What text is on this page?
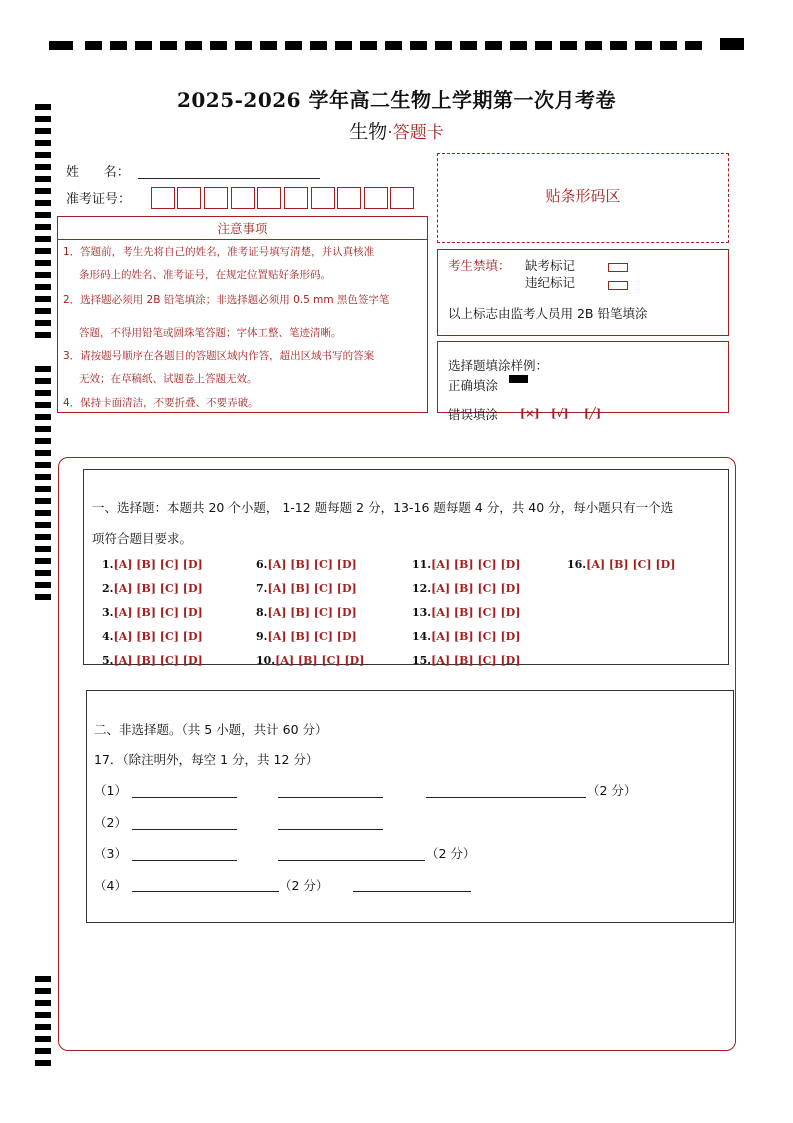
2025-2026 学年高二生物上学期第一次月考卷
生物·答题卡
姓      名：
准考证号：	贴条形码区
注意事项
1．答题前，考生先将自己的姓名，准考证号填写清楚，并认真核准
条形码上的姓名、准考证号，在规定位置贴好条形码。
2．选择题必须用 2B 铅笔填涂；非选择题必须用 0.5 mm 黑色签字笔
答题，不得用铅笔或圆珠笔答题；字体工整、笔迹清晰。
3．请按题号顺序在各题目的答题区域内作答，超出区域书写的答案
无效；在草稿纸、试题卷上答题无效。
4．保持卡面清洁，不要折叠、不要弄破。
考生禁填： 缺考标记
违纪标记
以上标志由监考人员用 2B 铅笔填涂
选择题填涂样例：
正确填涂
错误填涂 [×] [√] [╱]
一、选择题：本题共 20 个小题， 1-12 题每题 2 分，13-16 题每题 4 分，共 40 分，每小题只有一个选
项符合题目要求。
1.[A] [B] [C] [D]
2.[A] [B] [C] [D]
3.[A] [B] [C] [D]
4.[A] [B] [C] [D]
5.[A] [B] [C] [D]
6.[A] [B] [C] [D]
7.[A] [B] [C] [D]
8.[A] [B] [C] [D]
9.[A] [B] [C] [D]
10.[A] [B] [C] [D]
11.[A] [B] [C] [D]
12.[A] [B] [C] [D]
13.[A] [B] [C] [D]
14.[A] [B] [C] [D]
15.[A] [B] [C] [D]
16.[A] [B] [C] [D]
二、非选择题。（共 5 小题，共计 60 分）
17．（除注明外，每空 1 分，共 12 分）
（1）	（2 分）
（2）
（3）	（2 分）
（4）	（2 分）
